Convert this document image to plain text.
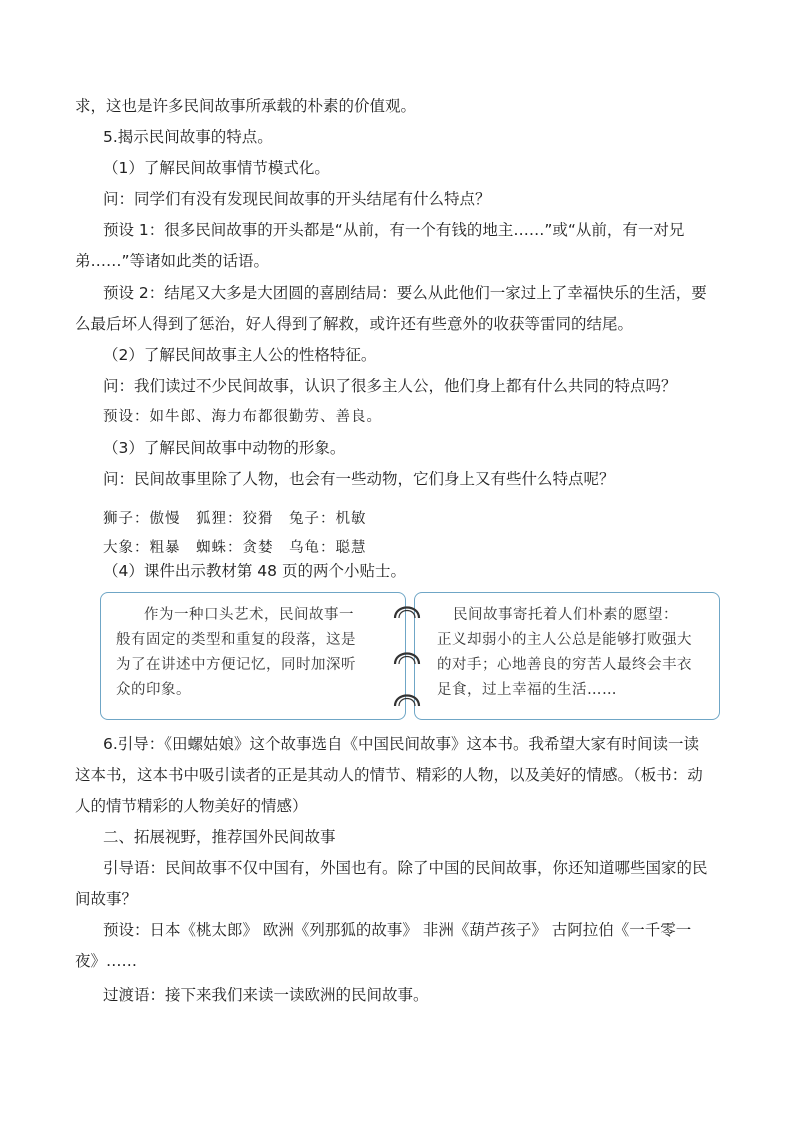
求，这也是许多民间故事所承载的朴素的价值观。
5.揭示民间故事的特点。
（1）了解民间故事情节模式化。
问：同学们有没有发现民间故事的开头结尾有什么特点？
预设 1：很多民间故事的开头都是“从前，有一个有钱的地主……”或“从前，有一对兄
弟……”等诸如此类的话语。
预设 2：结尾又大多是大团圆的喜剧结局：要么从此他们一家过上了幸福快乐的生活，要
么最后坏人得到了惩治，好人得到了解救，或许还有些意外的收获等雷同的结尾。
（2）了解民间故事主人公的性格特征。
问：我们读过不少民间故事，认识了很多主人公，他们身上都有什么共同的特点吗？
预设：如牛郎、海力布都很勤劳、善良。
（3）了解民间故事中动物的形象。
问：民间故事里除了人物，也会有一些动物，它们身上又有些什么特点呢？
狮子：傲慢　狐狸：狡猾　兔子：机敏
大象：粗暴　蜘蛛：贪婪　乌龟：聪慧
（4）课件出示教材第 48 页的两个小贴士。
作为一种口头艺术，民间故事一
般有固定的类型和重复的段落，这是
为了在讲述中方便记忆，同时加深听
众的印象。
民间故事寄托着人们朴素的愿望：
正义却弱小的主人公总是能够打败强大
的对手；心地善良的穷苦人最终会丰衣
足食，过上幸福的生活……
6.引导：《田螺姑娘》这个故事选自《中国民间故事》这本书。我希望大家有时间读一读
这本书，这本书中吸引读者的正是其动人的情节、精彩的人物，以及美好的情感。（板书：动
人的情节精彩的人物美好的情感）
二、拓展视野，推荐国外民间故事
引导语：民间故事不仅中国有，外国也有。除了中国的民间故事，你还知道哪些国家的民
间故事？
预设：日本《桃太郎》 欧洲《列那狐的故事》 非洲《葫芦孩子》 古阿拉伯《一千零一
夜》……
过渡语：接下来我们来读一读欧洲的民间故事。
